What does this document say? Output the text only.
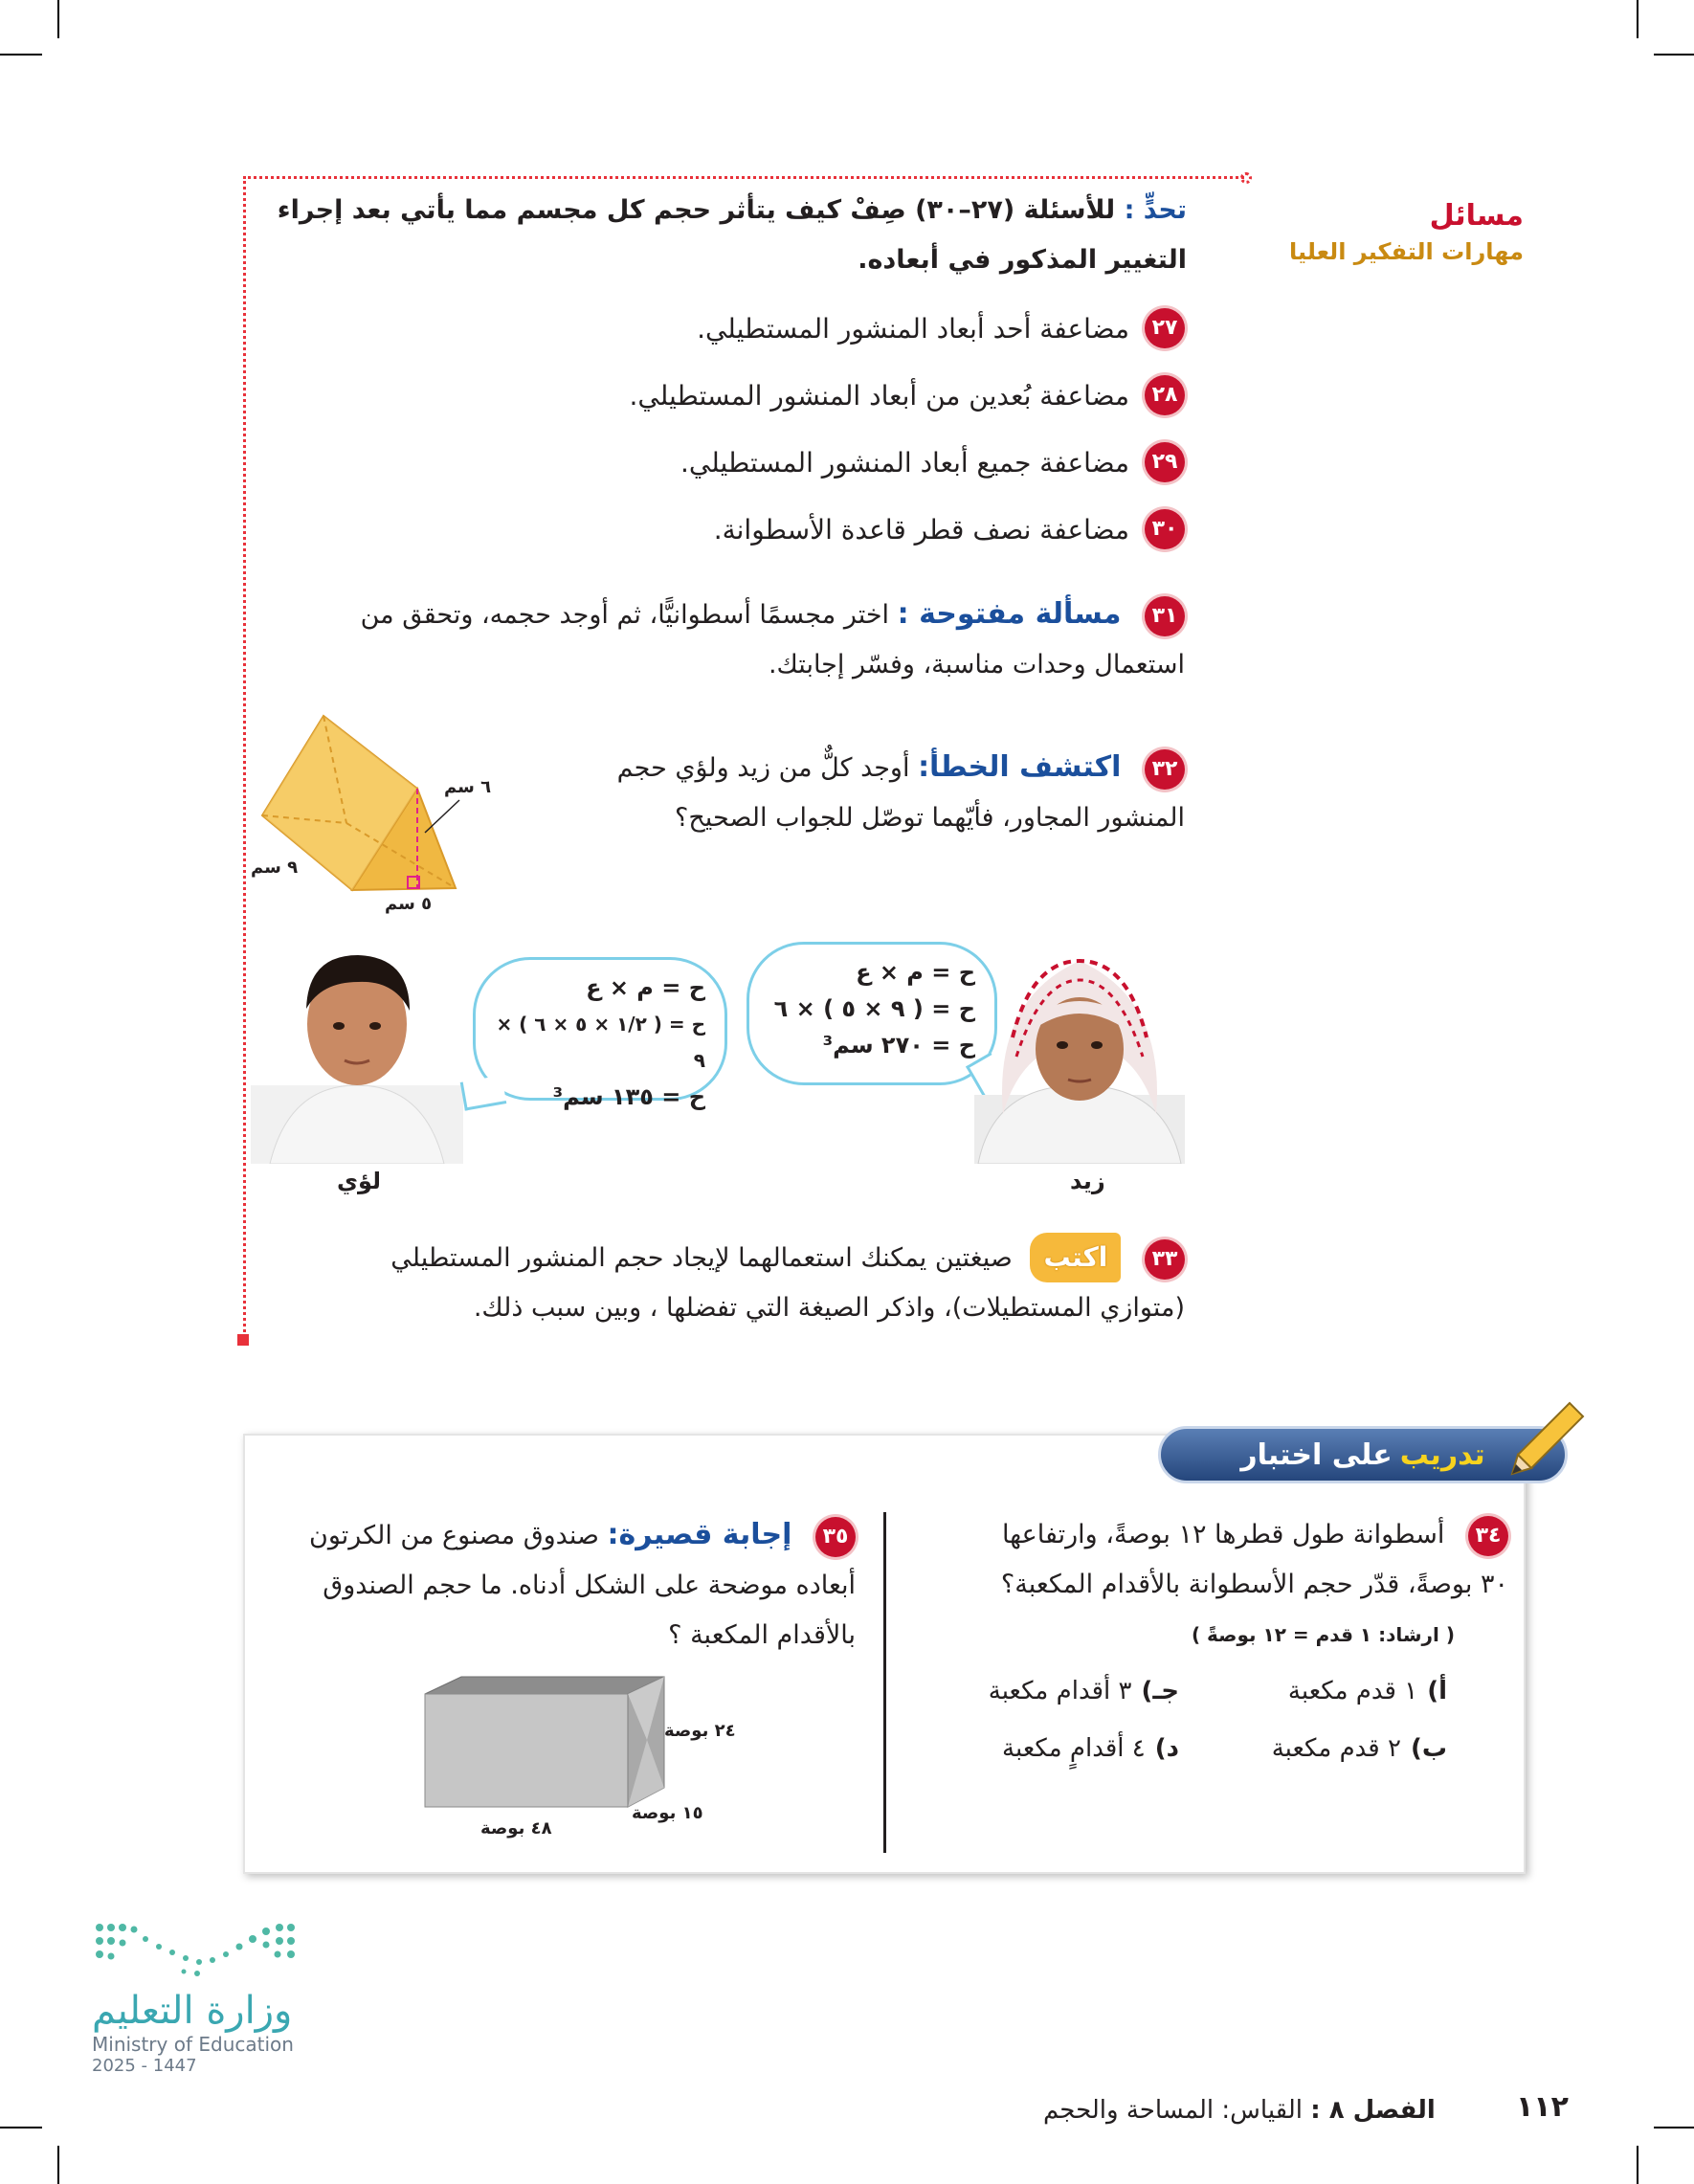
مسائل
مهارات التفكير العليا
تحدٍّ : للأسئلة (٢٧–٣٠) صِفْ كيف يتأثر حجم كل مجسم مما يأتي بعد إجراء
التغيير المذكور في أبعاده.
٢٧
مضاعفة أحد أبعاد المنشور المستطيلي.
٢٨
مضاعفة بُعدين من أبعاد المنشور المستطيلي.
٢٩
مضاعفة جميع أبعاد المنشور المستطيلي.
٣٠
مضاعفة نصف قطر قاعدة الأسطوانة.
٣١ مسألة مفتوحة : اختر مجسمًا أسطوانيًّا، ثم أوجد حجمه، وتحقق من
استعمال وحدات مناسبة، وفسّر إجابتك.
٣٢ اكتشف الخطأ: أوجد كلٌّ من زيد ولؤي حجم
المنشور المجاور، فأيّهما توصّل للجواب الصحيح؟
٦ سم
٩ سم
٥ سم
لؤي
ح = م × ع
ح = ( ١/٢ × ٥ × ٦ ) × ٩
ح = ١٣٥ سم³
ح = م × ع
ح = ( ٩ × ٥ ) × ٦
ح = ٢٧٠ سم³
زيد
٣٣ اكتب صيغتين يمكنك استعمالهما لإيجاد حجم المنشور المستطيلي
(متوازي المستطيلات)، واذكر الصيغة التي تفضلها ، وبين سبب ذلك.
تدريب
على اختبار
٣٤ أسطوانة طول قطرها ١٢ بوصةً، وارتفاعها
٣٠ بوصةً، قدّر حجم الأسطوانة بالأقدام المكعبة؟
( ارشاد: ١ قدم = ١٢ بوصةً )
أ)
١ قدم مكعبة
جـ)
٣ أقدام مكعبة
ب)
٢ قدم مكعبة
د)
٤ أقدامٍ مكعبة
٣٥ إجابة قصيرة: صندوق مصنوع من الكرتون
أبعاده موضحة على الشكل أدناه. ما حجم الصندوق
بالأقدام المكعبة ؟
٢٤ بوصة
١٥ بوصة
٤٨ بوصة
١١٢
الفصل ٨ : القياس: المساحة والحجم
وزارة التعليم
Ministry of Education
2025 - 1447
